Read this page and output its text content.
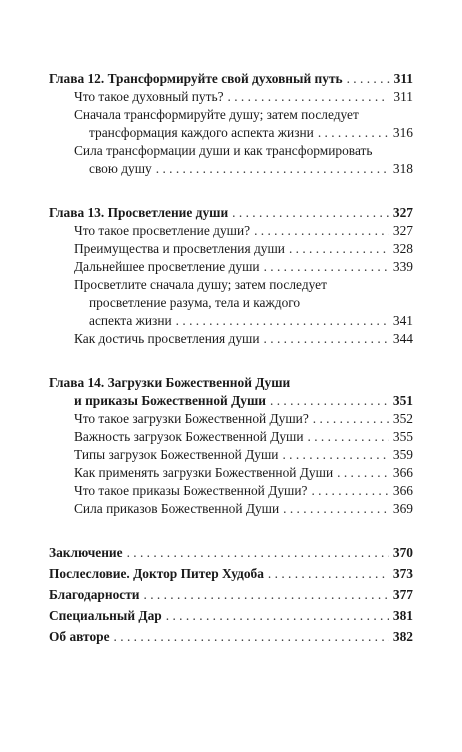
Глава 12. Трансформируйте свой духовный путь . . .	311
Что такое духовный путь? . . .	311
Сначала трансформируйте душу; затем последует
трансформация каждого аспекта жизни . . .	316
Сила трансформации души и как трансформировать
свою душу . . .	318
Глава 13. Просветление души . . .	327
Что такое просветление души? . . .	327
Преимущества и просветления души . . .	328
Дальнейшее просветление души . . .	339
Просветлите сначала душу; затем последует
просветление разума, тела и каждого
аспекта жизни . . .	341
Как достичь просветления души . . .	344
Глава 14. Загрузки Божественной Души
и приказы Божественной Души . . .	351
Что такое загрузки Божественной Души? . . .	352
Важность загрузок Божественной Души . . .	355
Типы загрузок Божественной Души . . .	359
Как применять загрузки Божественной Души . . .	366
Что такое приказы Божественной Души? . . .	366
Сила приказов Божественной Души . . .	369
Заключение . . .	370
Послесловие. Доктор Питер Худоба . . .	373
Благодарности . . .	377
Специальный Дар . . .	381
Об авторе . . .	382
